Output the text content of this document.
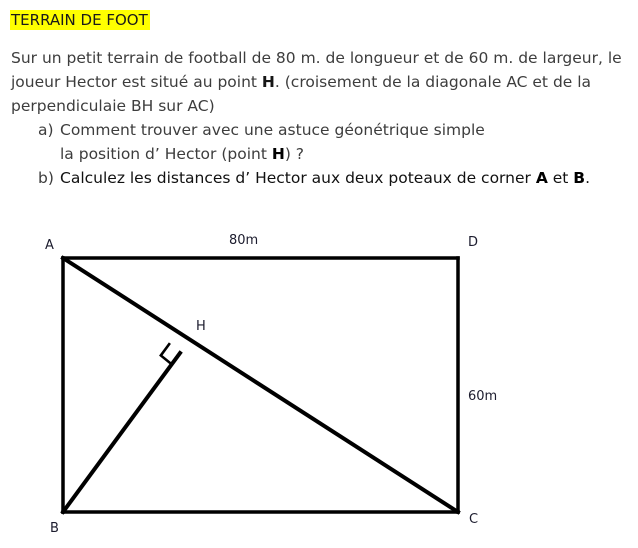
TERRAIN DE FOOT
Sur un petit terrain de football de 80 m. de longueur et de 60 m. de largeur, le joueur Hector est situé au point H. (croisement de la diagonale AC et de la perpendiculaie BH sur AC)
a) Comment trouver avec une astuce géonétrique simple
la position d’ Hector (point H) ?
b) Calculez les distances d’ Hector aux deux poteaux de corner A et B.
A	D
B
C
H
80m
60m
